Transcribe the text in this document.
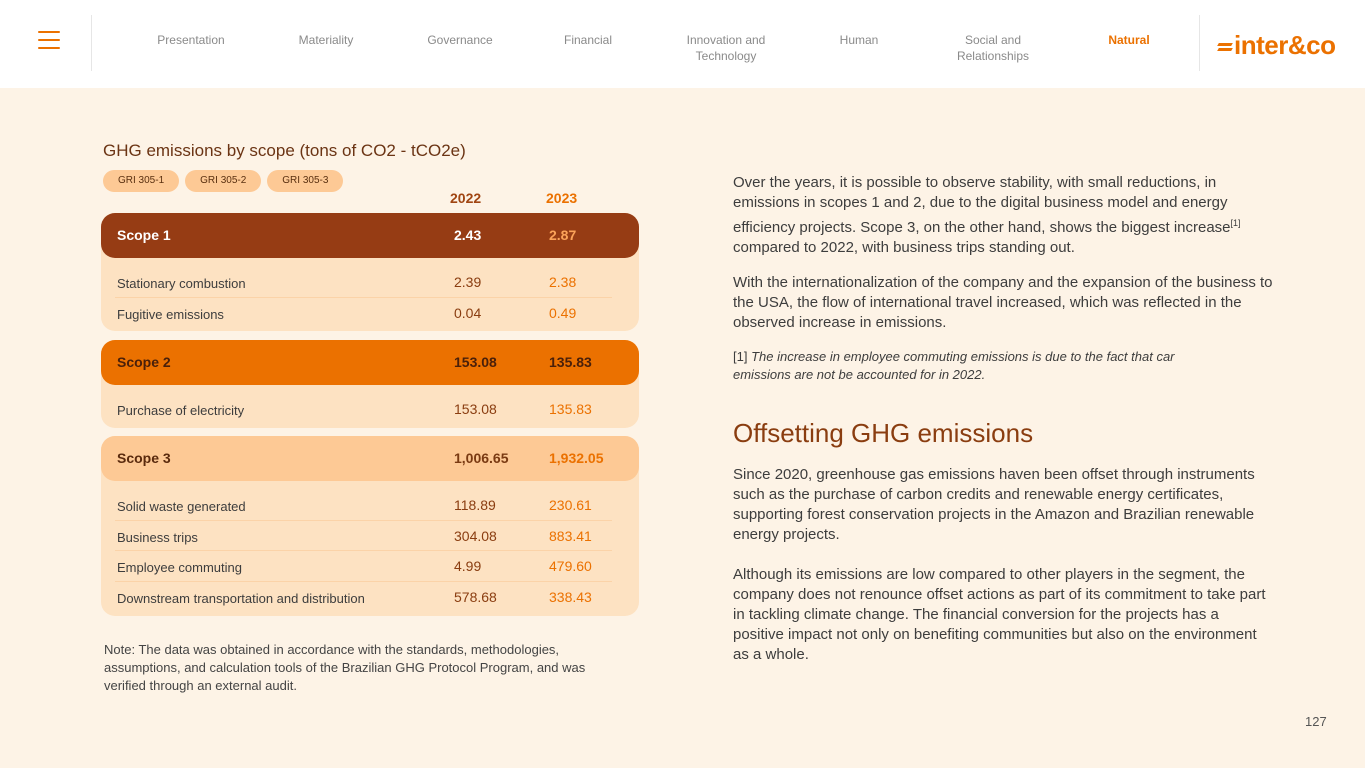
Presentation	Materiality	Governance	Financial	Innovation and Technology
Human	Social and Relationships
Natural	inter&co
GHG emissions by scope (tons of CO2 - tCO2e)
GRI 305-1	GRI 305-2	GRI 305-3
2022	2023
Scope 1	2.43	2.87
Stationary combustion	2.39	2.38
Fugitive emissions	0.04	0.49
Scope 2	153.08	135.83
Purchase of electricity	153.08	135.83
Scope 3	1,006.65	1,932.05
Solid waste generated	118.89	230.61
Business trips	304.08	883.41
Employee commuting	4.99	479.60
Downstream transportation and distribution	578.68	338.43
Note: The data was obtained in accordance with the standards, methodologies, assumptions, and calculation tools of the Brazilian GHG Protocol Program, and was verified through an external audit.
Over the years, it is possible to observe stability, with small reductions, in emissions in scopes 1 and 2, due to the digital business model and energy efficiency projects. Scope 3, on the other hand, shows the biggest increase[1] compared to 2022, with business trips standing out.
With the internationalization of the company and the expansion of the business to the USA, the flow of international travel increased, which was reflected in the observed increase in emissions.
[1] The increase in employee commuting emissions is due to the fact that car emissions are not be accounted for in 2022.
Offsetting GHG emissions
Since 2020, greenhouse gas emissions haven been offset through instruments such as the purchase of carbon credits and renewable energy certificates, supporting forest conservation projects in the Amazon and Brazilian renewable energy projects.
Although its emissions are low compared to other players in the segment, the company does not renounce offset actions as part of its commitment to take part in tackling climate change. The financial conversion for the projects has a positive impact not only on benefiting communities but also on the environment as a whole.
127
